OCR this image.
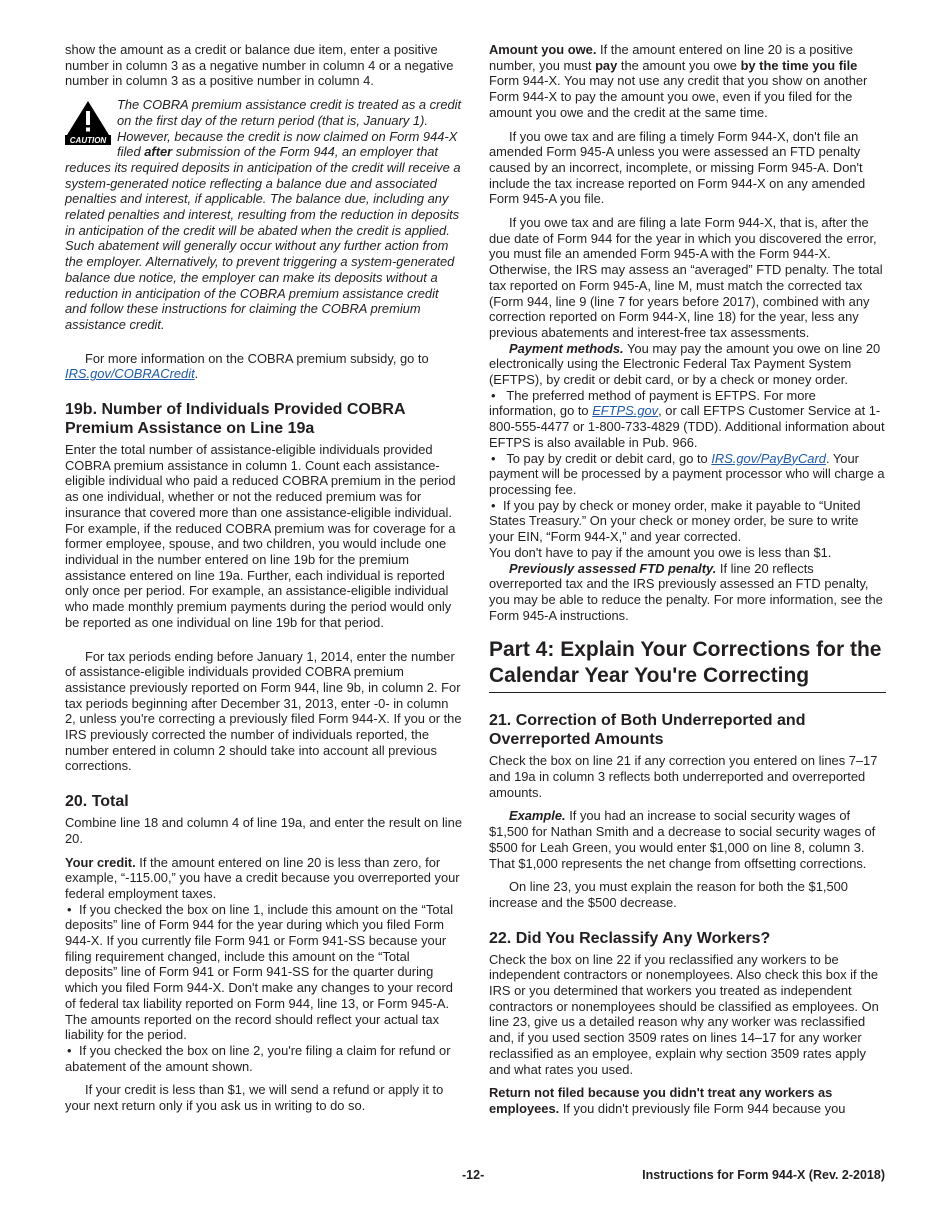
show the amount as a credit or balance due item, enter a positive number in column 3 as a negative number in column 4 or a negative number in column 3 as a positive number in column 4.

CAUTION
The COBRA premium assistance credit is treated as a credit on the first day of the return period (that is, January 1). However, because the credit is now claimed on Form 944-X filed after submission of the Form 944, an employer that reduces its required deposits in anticipation of the credit will receive a system-generated notice reflecting a balance due and associated penalties and interest, if applicable. The balance due, including any related penalties and interest, resulting from the reduction in deposits in anticipation of the credit will be abated when the credit is applied. Such abatement will generally occur without any further action from the employer. Alternatively, to prevent triggering a system-generated balance due notice, the employer can make its deposits without a reduction in anticipation of the COBRA premium assistance credit and follow these instructions for claiming the COBRA premium assistance credit.

For more information on the COBRA premium subsidy, go to IRS.gov/COBRACredit.

19b. Number of Individuals Provided COBRA Premium Assistance on Line 19a

Enter the total number of assistance-eligible individuals provided COBRA premium assistance in column 1. Count each assistance-eligible individual who paid a reduced COBRA premium in the period as one individual, whether or not the reduced premium was for insurance that covered more than one assistance-eligible individual. For example, if the reduced COBRA premium was for coverage for a former employee, spouse, and two children, you would include one individual in the number entered on line 19b for the premium assistance entered on line 19a. Further, each individual is reported only once per period. For example, an assistance-eligible individual who made monthly premium payments during the period would only be reported as one individual on line 19b for that period.

For tax periods ending before January 1, 2014, enter the number of assistance-eligible individuals provided COBRA premium assistance previously reported on Form 944, line 9b, in column 2. For tax periods beginning after December 31, 2013, enter -0- in column 2, unless you're correcting a previously filed Form 944-X. If you or the IRS previously corrected the number of individuals reported, the number entered in column 2 should take into account all previous corrections.

20. Total

Combine line 18 and column 4 of line 19a, and enter the result on line 20.

Your credit. If the amount entered on line 20 is less than zero, for example, “-115.00,” you have a credit because you overreported your federal employment taxes.

• If you checked the box on line 1, include this amount on the “Total deposits” line of Form 944 for the year during which you filed Form 944-X. If you currently file Form 941 or Form 941-SS because your filing requirement changed, include this amount on the “Total deposits” line of Form 941 or Form 941-SS for the quarter during which you filed Form 944-X. Don't make any changes to your record of federal tax liability reported on Form 944, line 13, or Form 945-A. The amounts reported on the record should reflect your actual tax liability for the period.

• If you checked the box on line 2, you're filing a claim for refund or abatement of the amount shown.

If your credit is less than $1, we will send a refund or apply it to your next return only if you ask us in writing to do so.

Amount you owe. If the amount entered on line 20 is a positive number, you must pay the amount you owe by the time you file Form 944-X. You may not use any credit that you show on another Form 944-X to pay the amount you owe, even if you filed for the amount you owe and the credit at the same time.

If you owe tax and are filing a timely Form 944-X, don't file an amended Form 945-A unless you were assessed an FTD penalty caused by an incorrect, incomplete, or missing Form 945-A. Don't include the tax increase reported on Form 944-X on any amended Form 945-A you file.

If you owe tax and are filing a late Form 944-X, that is, after the due date of Form 944 for the year in which you discovered the error, you must file an amended Form 945-A with the Form 944-X. Otherwise, the IRS may assess an “averaged” FTD penalty. The total tax reported on Form 945-A, line M, must match the corrected tax (Form 944, line 9 (line 7 for years before 2017), combined with any correction reported on Form 944-X, line 18) for the year, less any previous abatements and interest-free tax assessments.

Payment methods. You may pay the amount you owe on line 20 electronically using the Electronic Federal Tax Payment System (EFTPS), by credit or debit card, or by a check or money order.

• The preferred method of payment is EFTPS. For more information, go to EFTPS.gov, or call EFTPS Customer Service at 1-800-555-4477 or 1-800-733-4829 (TDD). Additional information about EFTPS is also available in Pub. 966.

• To pay by credit or debit card, go to IRS.gov/PayByCard. Your payment will be processed by a payment processor who will charge a processing fee.

• If you pay by check or money order, make it payable to “United States Treasury.” On your check or money order, be sure to write your EIN, “Form 944-X,” and year corrected.

You don't have to pay if the amount you owe is less than $1.

Previously assessed FTD penalty. If line 20 reflects overreported tax and the IRS previously assessed an FTD penalty, you may be able to reduce the penalty. For more information, see the Form 945-A instructions.

Part 4: Explain Your Corrections for the Calendar Year You're Correcting
21. Correction of Both Underreported and Overreported Amounts

Check the box on line 21 if any correction you entered on lines 7–17 and 19a in column 3 reflects both underreported and overreported amounts.

Example. If you had an increase to social security wages of $1,500 for Nathan Smith and a decrease to social security wages of $500 for Leah Green, you would enter $1,000 on line 8, column 3. That $1,000 represents the net change from offsetting corrections.

On line 23, you must explain the reason for both the $1,500 increase and the $500 decrease.

22. Did You Reclassify Any Workers?

Check the box on line 22 if you reclassified any workers to be independent contractors or nonemployees. Also check this box if the IRS or you determined that workers you treated as independent contractors or nonemployees should be classified as employees. On line 23, give us a detailed reason why any worker was reclassified and, if you used section 3509 rates on lines 14–17 for any worker reclassified as an employee, explain why section 3509 rates apply and what rates you used.

Return not filed because you didn't treat any workers as employees. If you didn't previously file Form 944 because you

-12-	Instructions for Form 944-X (Rev. 2-2018)
